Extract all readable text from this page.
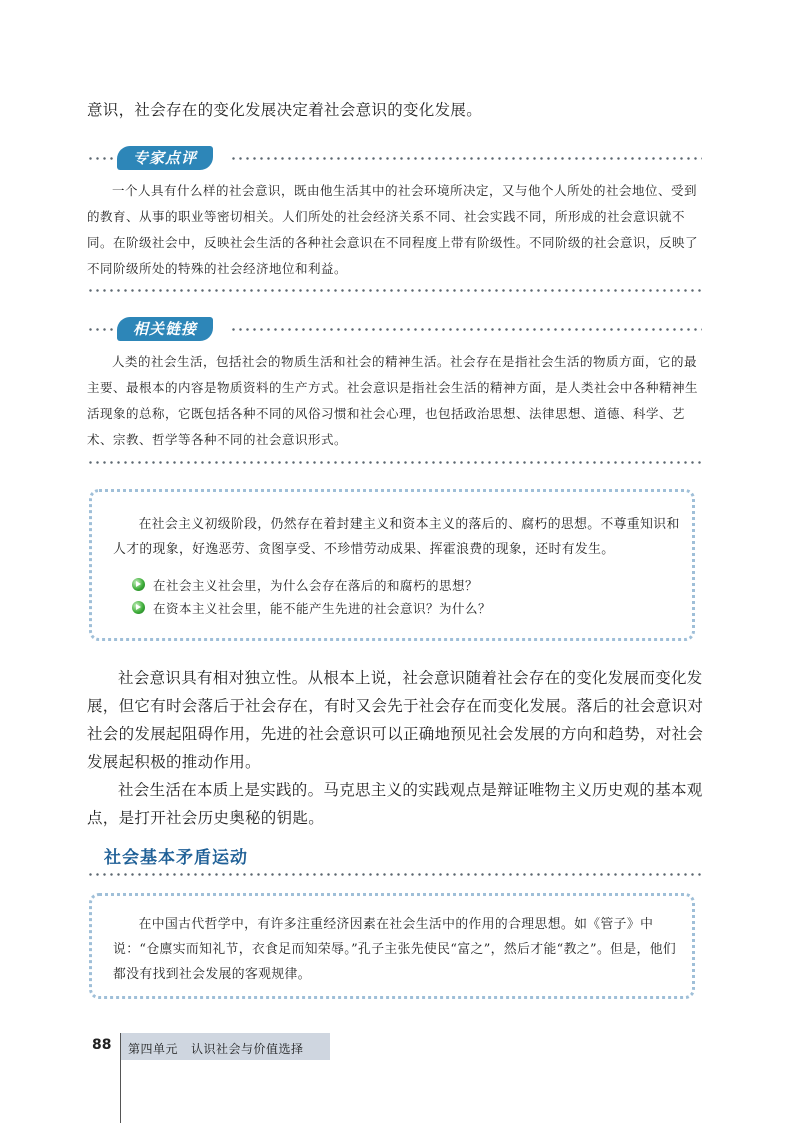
意识，社会存在的变化发展决定着社会意识的变化发展。

专家点评

一个人具有什么样的社会意识，既由他生活其中的社会环境所决定，又与他个人所处的社会地位、受到的教育、从事的职业等密切相关。人们所处的社会经济关系不同、社会实践不同，所形成的社会意识就不同。在阶级社会中，反映社会生活的各种社会意识在不同程度上带有阶级性。不同阶级的社会意识，反映了不同阶级所处的特殊的社会经济地位和利益。

相关链接

人类的社会生活，包括社会的物质生活和社会的精神生活。社会存在是指社会生活的物质方面，它的最主要、最根本的内容是物质资料的生产方式。社会意识是指社会生活的精神方面，是人类社会中各种精神生活现象的总称，它既包括各种不同的风俗习惯和社会心理，也包括政治思想、法律思想、道德、科学、艺术、宗教、哲学等各种不同的社会意识形式。

在社会主义初级阶段，仍然存在着封建主义和资本主义的落后的、腐朽的思想。不尊重知识和人才的现象，好逸恶劳、贪图享受、不珍惜劳动成果、挥霍浪费的现象，还时有发生。

在社会主义社会里，为什么会存在落后的和腐朽的思想？
在资本主义社会里，能不能产生先进的社会意识？为什么？

社会意识具有相对独立性。从根本上说，社会意识随着社会存在的变化发展而变化发展，但它有时会落后于社会存在，有时又会先于社会存在而变化发展。落后的社会意识对社会的发展起阻碍作用，先进的社会意识可以正确地预见社会发展的方向和趋势，对社会发展起积极的推动作用。

社会生活在本质上是实践的。马克思主义的实践观点是辩证唯物主义历史观的基本观点，是打开社会历史奥秘的钥匙。

社会基本矛盾运动

在中国古代哲学中，有许多注重经济因素在社会生活中的作用的合理思想。如《管子》中说：“仓廪实而知礼节，衣食足而知荣辱。”孔子主张先使民“富之”，然后才能“教之”。但是，他们都没有找到社会发展的客观规律。

88 第四单元   认识社会与价值选择
